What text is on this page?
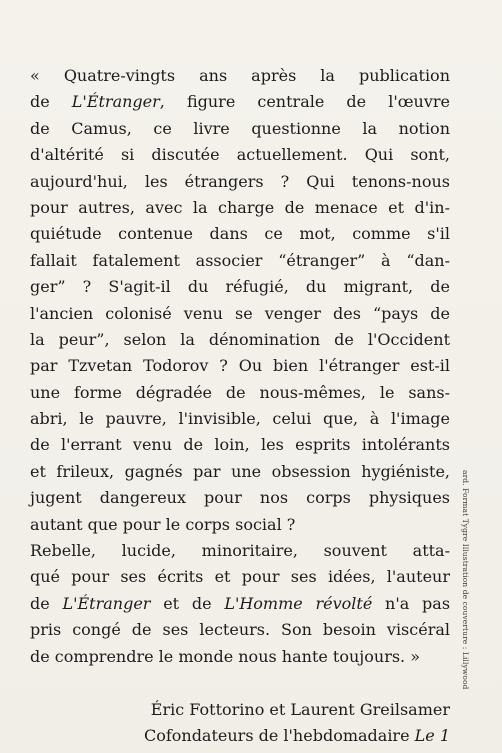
« Quatre-vingts ans après la publication
de L'Étranger, figure centrale de l'œuvre
de Camus, ce livre questionne la notion
d'altérité si discutée actuellement. Qui sont,
aujourd'hui, les étrangers ? Qui tenons-nous
pour autres, avec la charge de menace et d'in-
quiétude contenue dans ce mot, comme s'il
fallait fatalement associer “étranger” à “dan-
ger” ? S'agit-il du réfugié, du migrant, de
l'ancien colonisé venu se venger des “pays de
la peur”, selon la dénomination de l'Occident
par Tzvetan Todorov ? Ou bien l'étranger est-il
une forme dégradée de nous-mêmes, le sans-
abri, le pauvre, l'invisible, celui que, à l'image
de l'errant venu de loin, les esprits intolérants
et frileux, gagnés par une obsession hygiéniste,
jugent dangereux pour nos corps physiques
autant que pour le corps social ?
Rebelle, lucide, minoritaire, souvent atta-
qué pour ses écrits et pour ses idées, l'auteur
de L'Étranger et de L'Homme révolté n'a pas
pris congé de ses lecteurs. Son besoin viscéral
de comprendre le monde nous hante toujours. »
Éric Fottorino et Laurent Greilsamer
Cofondateurs de l'hebdomadaire Le 1
ard. Format Tygre Illustration de couverture : Lillywood
